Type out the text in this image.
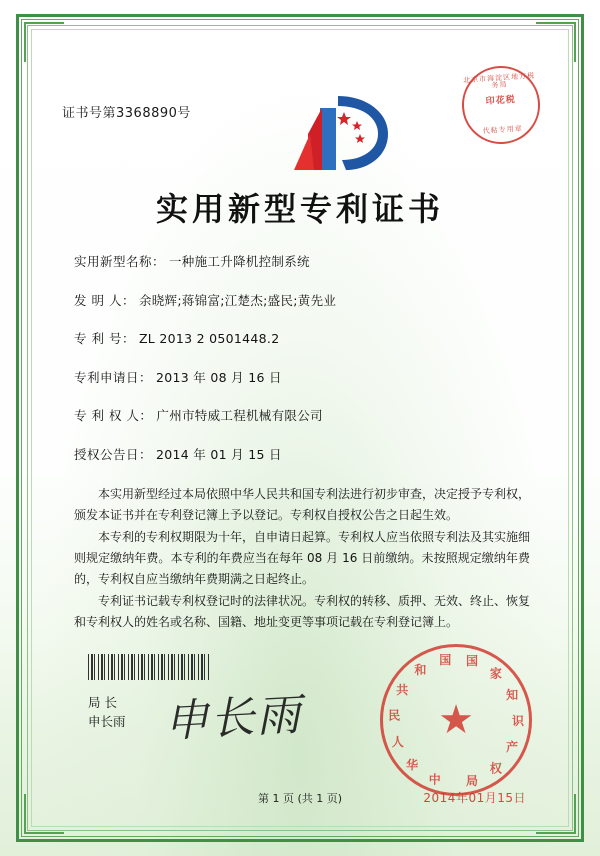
北京市海淀区地方税务局
印花税
代粘专用章
证书号第3368890号
实用新型专利证书
实用新型名称： 一种施工升降机控制系统
发 明 人： 余晓辉;蒋锦富;江楚杰;盛民;黄先业
专 利 号： ZL 2013 2 0501448.2
专利申请日： 2013 年 08 月 16 日
专 利 权 人： 广州市特威工程机械有限公司
授权公告日： 2014 年 01 月 15 日

本实用新型经过本局依照中华人民共和国专利法进行初步审查，决定授予专利权，颁发本证书并在专利登记簿上予以登记。专利权自授权公告之日起生效。

本专利的专利权期限为十年，自申请日起算。专利权人应当依照专利法及其实施细则规定缴纳年费。本专利的年费应当在每年 08 月 16 日前缴纳。未按照规定缴纳年费的，专利权自应当缴纳年费期满之日起终止。

专利证书记载专利权登记时的法律状况。专利权的转移、质押、无效、终止、恢复和专利权人的姓名或名称、国籍、地址变更等事项记载在专利登记簿上。

局 长
申长雨 申长雨	★
中
华
人
民
共
和
国 国
家
知
识
产
权
局
2014年01月15日
第 1 页 (共 1 页)
